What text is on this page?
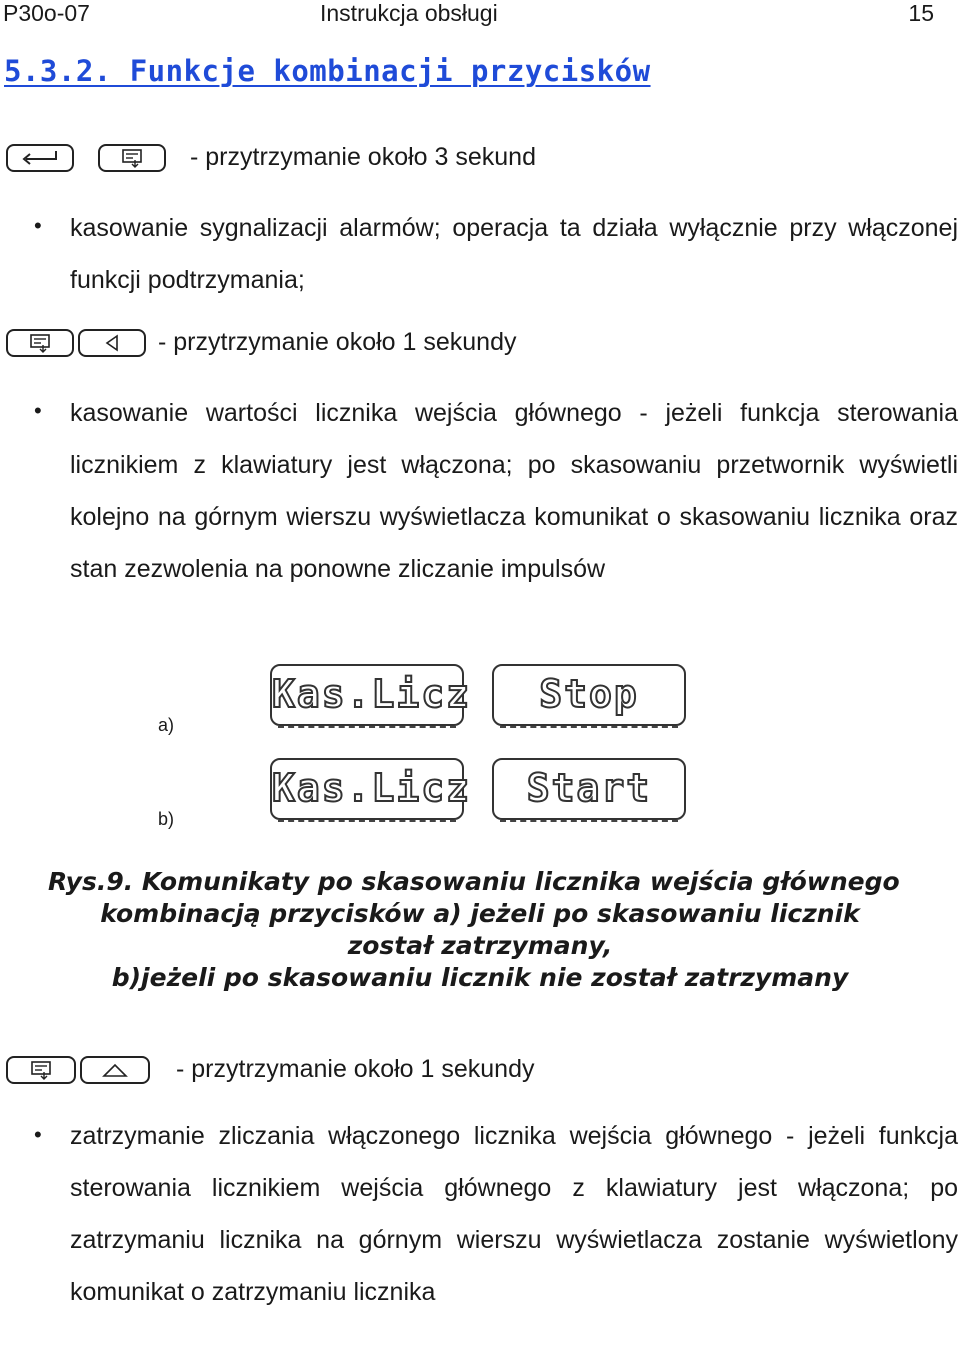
P30o-07	Instrukcja obsługi	15
5.3.2. Funkcje kombinacji przycisków
- przytrzymanie około 3 sekund
• kasowanie sygnalizacji alarmów; operacja ta działa wyłącznie przy włączonej funkcji podtrzymania;
- przytrzymanie około 1 sekundy
• kasowanie wartości licznika wejścia głównego - jeżeli funkcja sterowania licznikiem z klawiatury jest włączona; po skasowaniu przetwornik wyświetli kolejno na górnym wierszu wyświetlacza komunikat o skasowaniu licznika oraz stan zezwolenia na ponowne zliczanie impulsów
a)
Kas.Licz	Stop
b)
Kas.Licz	Start
Rys.9. Komunikaty po skasowaniu licznika wejścia głównego
kombinacją przycisków a) jeżeli po skasowaniu licznik
został zatrzymany,
b)jeżeli po skasowaniu licznik nie został zatrzymany
- przytrzymanie około 1 sekundy
• zatrzymanie zliczania włączonego licznika wejścia głównego - jeżeli funkcja sterowania licznikiem wejścia głównego z klawiatury jest włączona; po zatrzymaniu licznika na górnym wierszu wyświetlacza zostanie wyświetlony komunikat o zatrzymaniu licznika
